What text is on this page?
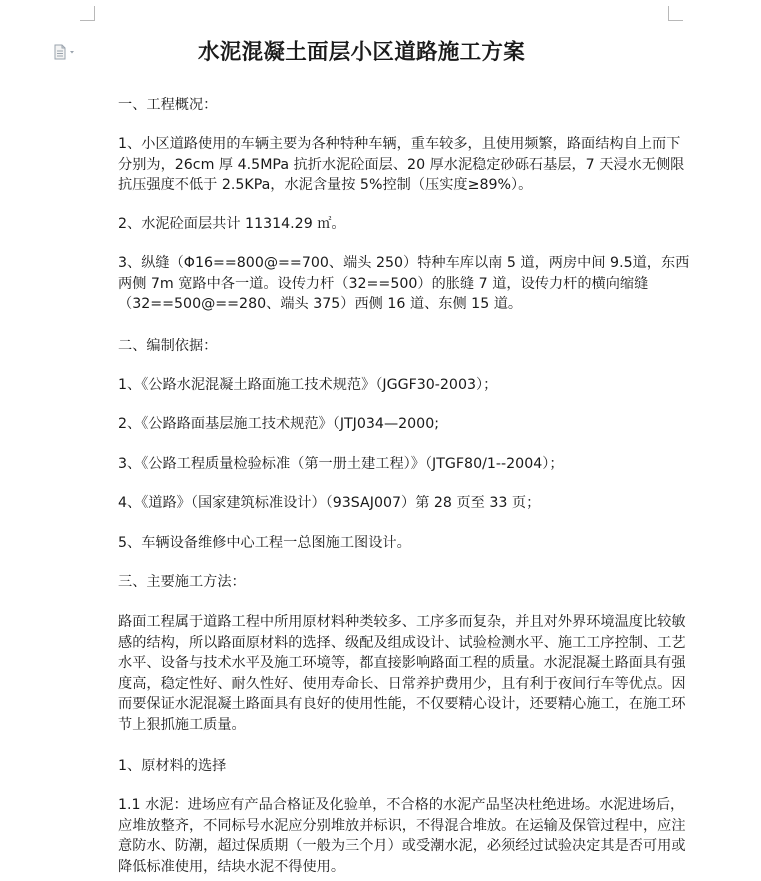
水泥混凝土面层小区道路施工方案

一、工程概况：

1、小区道路使用的车辆主要为各种特种车辆，重车较多，且使用频繁，路面结构自上而下分别为，26cm 厚 4.5MPa 抗折水泥砼面层、20 厚水泥稳定砂砾石基层，7 天浸水无侧限抗压强度不低于 2.5KPa，水泥含量按 5%控制（压实度≥89%）。

2、水泥砼面层共计 11314.29 ㎡。

3、纵缝（Φ16==800@==700、端头 250）特种车库以南 5 道，两房中间 9.5道，东西两侧 7m 宽路中各一道。设传力杆（32==500）的胀缝 7 道，设传力杆的横向缩缝（32==500@==280、端头 375）西侧 16 道、东侧 15 道。

二、编制依据：

1、《公路水泥混凝土路面施工技术规范》（JGGF30-2003）；

2、《公路路面基层施工技术规范》（JTJ034—2000;

3、《公路工程质量检验标准（第一册土建工程）》（JTGF80/1--2004）；

4、《道路》（国家建筑标准设计）（93SAJ007）第 28 页至 33 页；

5、车辆设备维修中心工程一总图施工图设计。

三、主要施工方法：

路面工程属于道路工程中所用原材料种类较多、工序多而复杂，并且对外界环境温度比较敏感的结构，所以路面原材料的选择、级配及组成设计、试验检测水平、施工工序控制、工艺水平、设备与技术水平及施工环境等，都直接影响路面工程的质量。水泥混凝土路面具有强度高，稳定性好、耐久性好、使用寿命长、日常养护费用少，且有利于夜间行车等优点。因而要保证水泥混凝土路面具有良好的使用性能，不仅要精心设计，还要精心施工，在施工环节上狠抓施工质量。

1、原材料的选择

1.1 水泥：进场应有产品合格证及化验单，不合格的水泥产品坚决杜绝进场。水泥进场后，应堆放整齐，不同标号水泥应分别堆放并标识，不得混合堆放。在运输及保管过程中，应注意防水、防潮，超过保质期（一般为三个月）或受潮水泥，必须经过试验决定其是否可用或降低标准使用，结块水泥不得使用。
